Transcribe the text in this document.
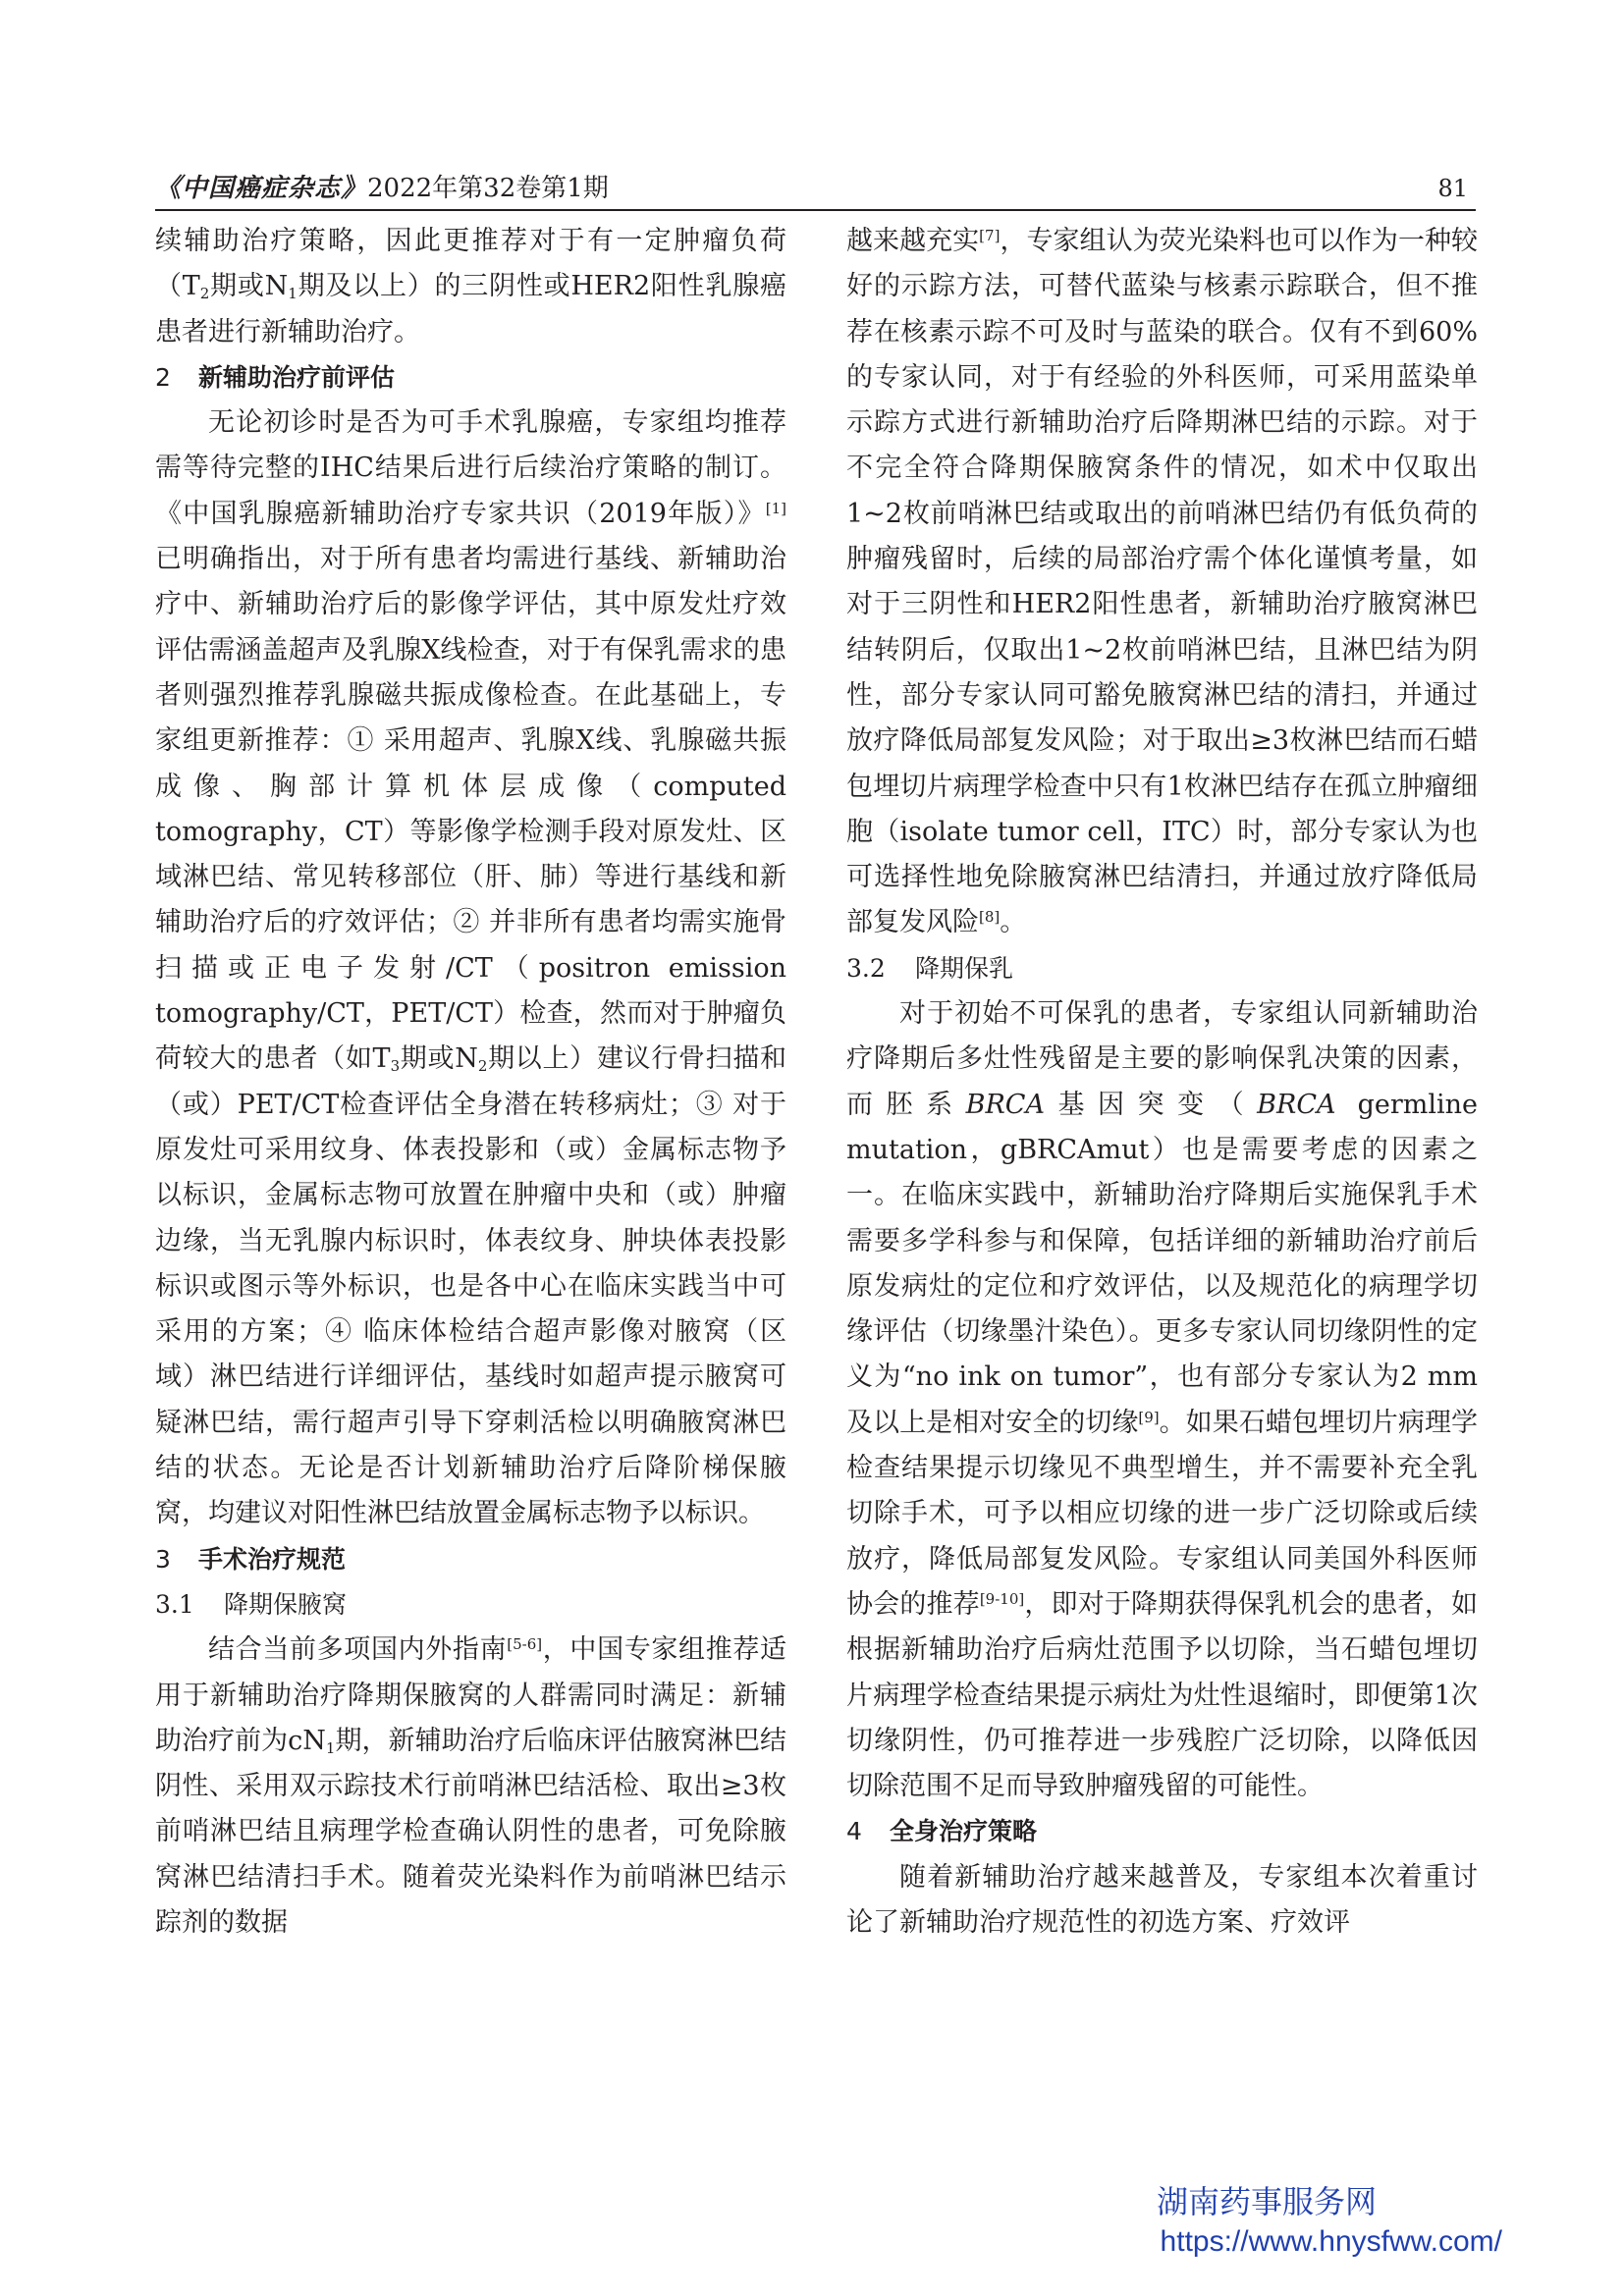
《中国癌症杂志》2022年第32卷第1期	81

续辅助治疗策略，因此更推荐对于有一定肿瘤负荷（$T_2$期或$N_1$期及以上）的三阴性或HER2阳性乳腺癌患者进行新辅助治疗。

2 新辅助治疗前评估

无论初诊时是否为可手术乳腺癌，专家组均推荐需等待完整的IHC结果后进行后续治疗策略的制订。《中国乳腺癌新辅助治疗专家共识（2019年版）》[1]已明确指出，对于所有患者均需进行基线、新辅助治疗中、新辅助治疗后的影像学评估，其中原发灶疗效评估需涵盖超声及乳腺X线检查，对于有保乳需求的患者则强烈推荐乳腺磁共振成像检查。在此基础上，专家组更新推荐：① 采用超声、乳腺X线、乳腺磁共振成像、胸部计算机体层成像（computed tomography，CT）等影像学检测手段对原发灶、区域淋巴结、常见转移部位（肝、肺）等进行基线和新辅助治疗后的疗效评估；② 并非所有患者均需实施骨扫描或正电子发射/CT（positron emission tomography/CT，PET/CT）检查，然而对于肿瘤负荷较大的患者（如$T_3$期或$N_2$期以上）建议行骨扫描和（或）PET/CT检查评估全身潜在转移病灶；③ 对于原发灶可采用纹身、体表投影和（或）金属标志物予以标识，金属标志物可放置在肿瘤中央和（或）肿瘤边缘，当无乳腺内标识时，体表纹身、肿块体表投影标识或图示等外标识，也是各中心在临床实践当中可采用的方案；④ 临床体检结合超声影像对腋窝（区域）淋巴结进行详细评估，基线时如超声提示腋窝可疑淋巴结，需行超声引导下穿刺活检以明确腋窝淋巴结的状态。无论是否计划新辅助治疗后降阶梯保腋窝，均建议对阳性淋巴结放置金属标志物予以标识。

3 手术治疗规范
3.1 降期保腋窝

结合当前多项国内外指南[5-6]，中国专家组推荐适用于新辅助治疗降期保腋窝的人群需同时满足：新辅助治疗前为$cN_1$期，新辅助治疗后临床评估腋窝淋巴结阴性、采用双示踪技术行前哨淋巴结活检、取出≥3枚前哨淋巴结且病理学检查确认阴性的患者，可免除腋窝淋巴结清扫手术。随着荧光染料作为前哨淋巴结示踪剂的数据

越来越充实[7]，专家组认为荧光染料也可以作为一种较好的示踪方法，可替代蓝染与核素示踪联合，但不推荐在核素示踪不可及时与蓝染的联合。仅有不到60%的专家认同，对于有经验的外科医师，可采用蓝染单示踪方式进行新辅助治疗后降期淋巴结的示踪。对于不完全符合降期保腋窝条件的情况，如术中仅取出1~2枚前哨淋巴结或取出的前哨淋巴结仍有低负荷的肿瘤残留时，后续的局部治疗需个体化谨慎考量，如对于三阴性和HER2阳性患者，新辅助治疗腋窝淋巴结转阴后，仅取出1~2枚前哨淋巴结，且淋巴结为阴性，部分专家认同可豁免腋窝淋巴结的清扫，并通过放疗降低局部复发风险；对于取出≥3枚淋巴结而石蜡包埋切片病理学检查中只有1枚淋巴结存在孤立肿瘤细胞（isolate tumor cell，ITC）时，部分专家认为也可选择性地免除腋窝淋巴结清扫，并通过放疗降低局部复发风险[8]。

3.2 降期保乳

对于初始不可保乳的患者，专家组认同新辅助治疗降期后多灶性残留是主要的影响保乳决策的因素，而胚系BRCA基因突变（BRCA germline mutation，gBRCAmut）也是需要考虑的因素之一。在临床实践中，新辅助治疗降期后实施保乳手术需要多学科参与和保障，包括详细的新辅助治疗前后原发病灶的定位和疗效评估，以及规范化的病理学切缘评估（切缘墨汁染色）。更多专家认同切缘阴性的定义为“no ink on tumor”，也有部分专家认为2 mm及以上是相对安全的切缘[9]。如果石蜡包埋切片病理学检查结果提示切缘见不典型增生，并不需要补充全乳切除手术，可予以相应切缘的进一步广泛切除或后续放疗，降低局部复发风险。专家组认同美国外科医师协会的推荐[9-10]，即对于降期获得保乳机会的患者，如根据新辅助治疗后病灶范围予以切除，当石蜡包埋切片病理学检查结果提示病灶为灶性退缩时，即便第1次切缘阴性，仍可推荐进一步残腔广泛切除，以降低因切除范围不足而导致肿瘤残留的可能性。

4 全身治疗策略

随着新辅助治疗越来越普及，专家组本次着重讨论了新辅助治疗规范性的初选方案、疗效评

湖南药事服务网
https://www.hnysfww.com/
